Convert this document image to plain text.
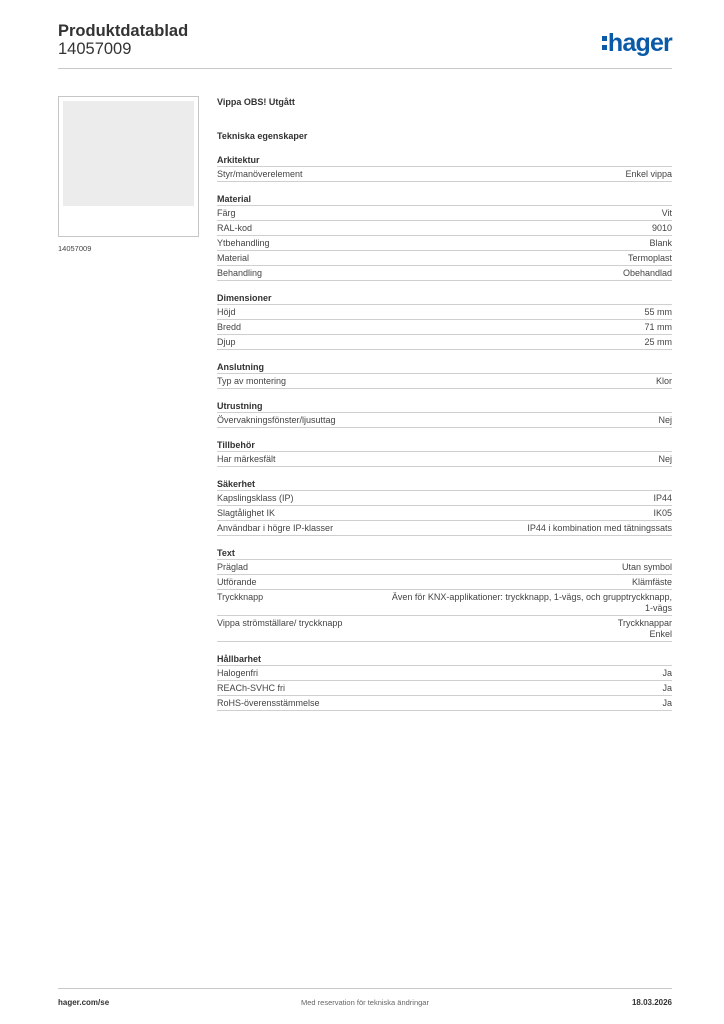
Produktdatablad
14057009	hager
14057009
Vippa OBS! Utgått
Tekniska egenskaper
Arkitektur
Styr/manöverelement	Enkel vippa
Material
Färg	Vit
RAL-kod	9010
Ytbehandling	Blank
Material	Termoplast
Behandling	Obehandlad
Dimensioner
Höjd	55 mm
Bredd	71 mm
Djup	25 mm
Anslutning
Typ av montering	Klor
Utrustning
Övervakningsfönster/ljusuttag	Nej
Tillbehör
Har märkesfält	Nej
Säkerhet
Kapslingsklass (IP)	IP44
Slagtålighet IK	IK05
Användbar i högre IP-klasser	IP44 i kombination med tätningssats
Text
Präglad	Utan symbol
Utförande	Klämfäste
Tryckknapp	Även för KNX-applikationer: tryckknapp, 1-vägs, och grupptryckknapp,
1-vägs
Vippa strömställare/ tryckknapp	Tryckknappar
Enkel
Hållbarhet
Halogenfri	Ja
REACh-SVHC fri	Ja
RoHS-överensstämmelse	Ja
Med reservation för tekniska ändringar
hager.com/se	18.03.2026
